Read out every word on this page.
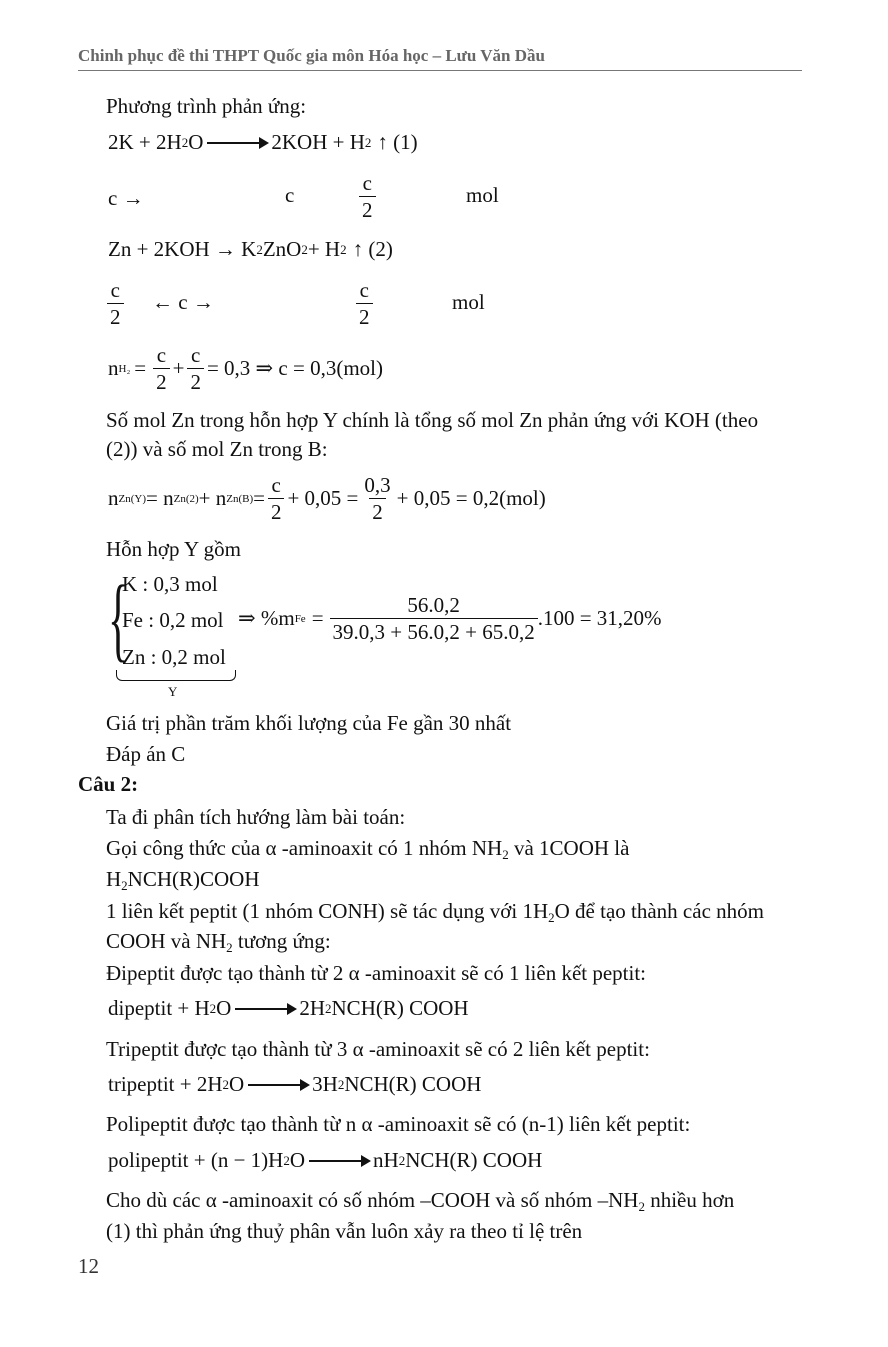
Chinh phục đề thi THPT Quốc gia môn Hóa học – Lưu Văn Dầu
Phương trình phản ứng:
2K + 2H 2 O → 2KOH + H 2 ↑ (1)
c →	c	$\frac{c}{2}$	mol
Zn + 2KOH → K 2 ZnO 2 + H 2 ↑ (2)
$\frac{c}{2}$ ← c →	$\frac{c}{2}$	mol
n $H_2 = \frac{c}{2} + \frac{c}{2} = 0,3$ ⇒ c = 0,3(mol)
Số mol Zn trong hỗn hợp Y chính là tổng số mol Zn phản ứng với KOH (theo
(2)) và số mol Zn trong B:
n Zn(Y) = n Zn(2) + n $Zn(B) = \frac{c}{2} + 0,05 = \frac{0,3}{2} + 0,05 = 0,2(mol)$
Hỗn hợp Y gồm
{
K : 0,3 mol
Fe : 0,2 mol
Zn : 0,2 mol
Y
⇒ %m $Fe = \frac{56.0,2}{39.0,3 + 56.0,2 + 65.0,2} .100 = 31,20\%$
Giá trị phần trăm khối lượng của Fe gần 30 nhất
Đáp án C
Câu 2:
Ta đi phân tích hướng làm bài toán:
Gọi công thức của α -aminoaxit có 1 nhóm $NH_2$ và 1COOH là
$H_2NCH(R)COOH$
1 liên kết peptit (1 nhóm CONH) sẽ tác dụng với $1H_2O$ để tạo thành các nhóm
COOH và $NH_2$ tương ứng:
Đipeptit được tạo thành từ 2 α -aminoaxit sẽ có 1 liên kết peptit:
dipeptit + H 2 O → 2H 2 NCH(R) COOH
Tripeptit được tạo thành từ 3 α -aminoaxit sẽ có 2 liên kết peptit:
tripeptit + 2H 2 O → 3H 2 NCH(R) COOH
Polipeptit được tạo thành từ n α -aminoaxit sẽ có (n-1) liên kết peptit:
polipeptit + (n − 1)H 2 O → nH 2 NCH(R) COOH
Cho dù các α -aminoaxit có số nhóm –COOH và số nhóm $-NH_2$ nhiều hơn
(1) thì phản ứng thuỷ phân vẫn luôn xảy ra theo tỉ lệ trên
12
